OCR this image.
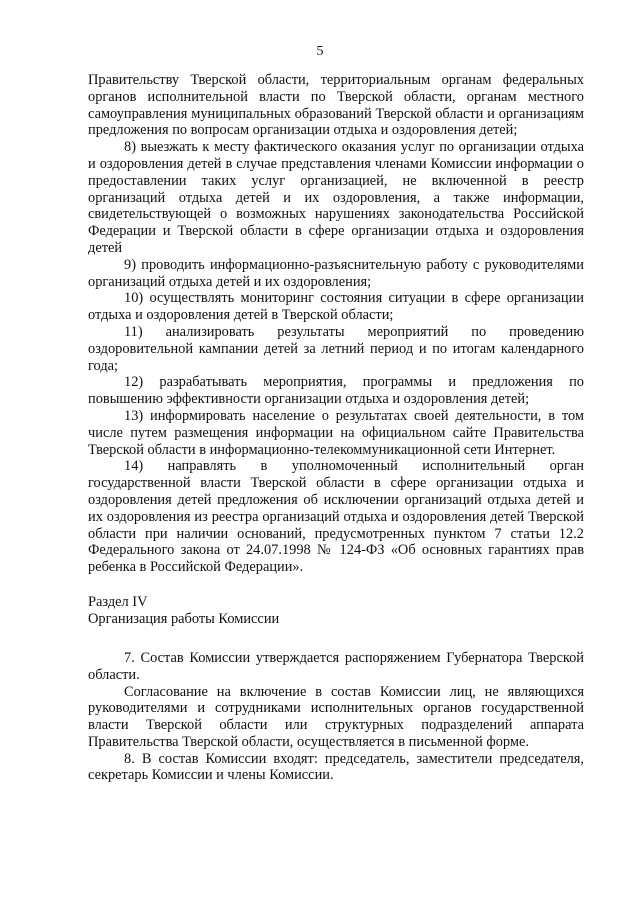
5

Правительству Тверской области, территориальным органам федеральных органов исполнительной власти по Тверской области, органам местного самоуправления муниципальных образований Тверской области и организациям предложения по вопросам организации отдыха и оздоровления детей;

8) выезжать к месту фактического оказания услуг по организации отдыха и оздоровления детей в случае представления членами Комиссии информации о предоставлении таких услуг организацией, не включенной в реестр организаций отдыха детей и их оздоровления, а также информации, свидетельствующей о возможных нарушениях законодательства Российской Федерации и Тверской области в сфере организации отдыха и оздоровления детей

9) проводить информационно-разъяснительную работу с руководителями организаций отдыха детей и их оздоровления;

10) осуществлять мониторинг состояния ситуации в сфере организации отдыха и оздоровления детей в Тверской области;

11) анализировать результаты мероприятий по проведению оздоровительной кампании детей за летний период и по итогам календарного года;

12) разрабатывать мероприятия, программы и предложения по повышению эффективности организации отдыха и оздоровления детей;

13) информировать население о результатах своей деятельности, в том числе путем размещения информации на официальном сайте Правительства Тверской области в информационно-телекоммуникационной сети Интернет.

14) направлять в уполномоченный исполнительный орган государственной власти Тверской области в сфере организации отдыха и оздоровления детей предложения об исключении организаций отдыха детей и их оздоровления из реестра организаций отдыха и оздоровления детей Тверской области при наличии оснований, предусмотренных пунктом 7 статьи 12.2 Федерального закона от 24.07.1998 № 124-ФЗ «Об основных гарантиях прав ребенка в Российской Федерации».

Раздел IV

Организация работы Комиссии

7. Состав Комиссии утверждается распоряжением Губернатора Тверской области.

Согласование на включение в состав Комиссии лиц, не являющихся руководителями и сотрудниками исполнительных органов государственной власти Тверской области или структурных подразделений аппарата Правительства Тверской области, осуществляется в письменной форме.

8. В состав Комиссии входят: председатель, заместители председателя, секретарь Комиссии и члены Комиссии.
